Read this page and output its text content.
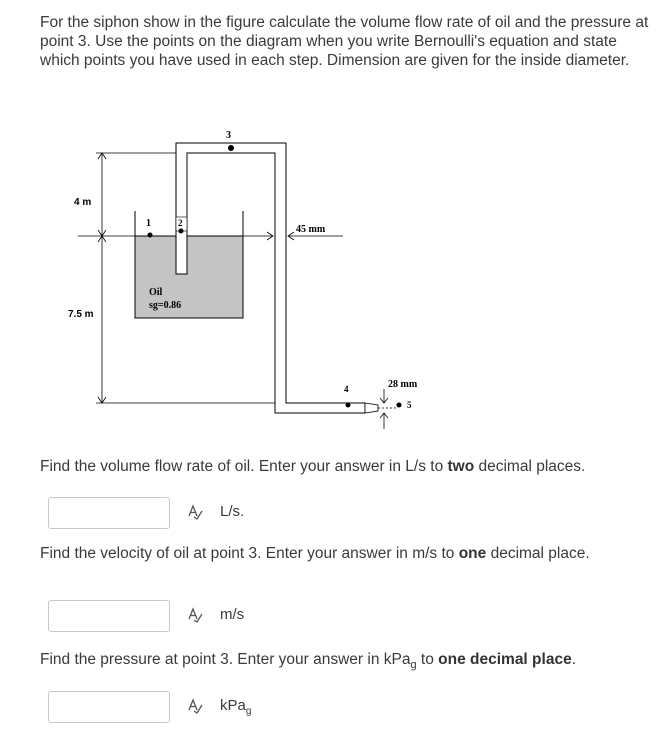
For the siphon show in the figure calculate the volume flow rate of oil and the pressure at point 3. Use the points on the diagram when you write Bernoulli's equation and state which points you have used in each step. Dimension are given for the inside diameter.
3
1	2
Oil
sg=0.86
4 m
7.5 m
45 mm
4
5
28 mm
Find the volume flow rate of oil. Enter your answer in L/s to two decimal places.
L/s.
Find the velocity of oil at point 3. Enter your answer in m/s to one decimal place.
m/s
Find the pressure at point 3. Enter your answer in kPa$_g$ to one decimal place.
kPa$_g$
